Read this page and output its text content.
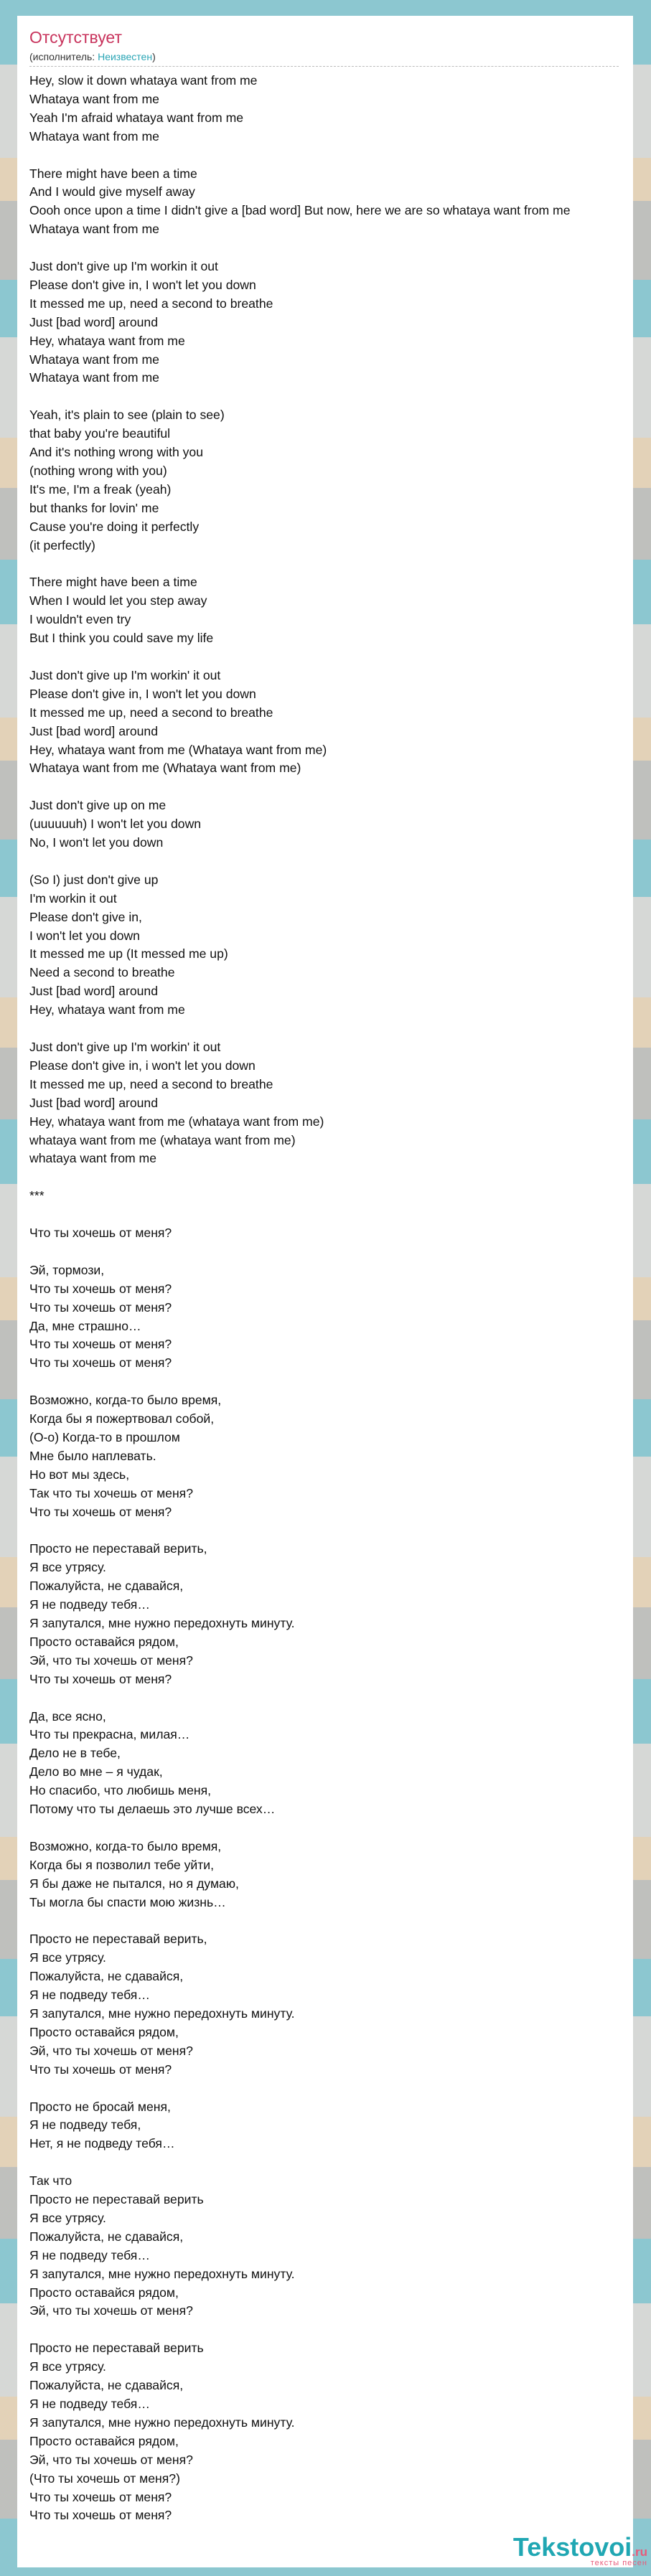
Отсутствует
(исполнитель: Неизвестен)
Hey, slow it down whataya want from me
Whataya want from me
Yeah I'm afraid whataya want from me
Whataya want from me
There might have been a time
And I would give myself away
Oooh once upon a time I didn't give a [bad word] But now, here we are so whataya want from me
Whataya want from me
Just don't give up I'm workin it out
Please don't give in, I won't let you down
It messed me up, need a second to breathe
Just [bad word] around
Hey, whataya want from me
Whataya want from me
Whataya want from me
Yeah, it's plain to see (plain to see)
that baby you're beautiful
And it's nothing wrong with you
(nothing wrong with you)
It's me, I'm a freak (yeah)
but thanks for lovin' me
Cause you're doing it perfectly
(it perfectly)
There might have been a time
When I would let you step away
I wouldn't even try
But I think you could save my life
Just don't give up I'm workin' it out
Please don't give in, I won't let you down
It messed me up, need a second to breathe
Just [bad word] around
Hey, whataya want from me (Whataya want from me)
Whataya want from me (Whataya want from me)
Just don't give up on me
(uuuuuuh) I won't let you down
No, I won't let you down
(So I) just don't give up
I'm workin it out
Please don't give in,
I won't let you down
It messed me up (It messed me up)
Need a second to breathe
Just [bad word] around
Hey, whataya want from me
Just don't give up I'm workin' it out
Please don't give in, i won't let you down
It messed me up, need a second to breathe
Just [bad word] around
Hey, whataya want from me (whataya want from me)
whataya want from me (whataya want from me)
whataya want from me
***
Что ты хочешь от меня?
Эй, тормози,
Что ты хочешь от меня?
Что ты хочешь от меня?
Да, мне страшно…
Что ты хочешь от меня?
Что ты хочешь от меня?
Возможно, когда-то было время,
Когда бы я пожертвовал собой,
(О-о) Когда-то в прошлом
Мне было наплевать.
Но вот мы здесь,
Так что ты хочешь от меня?
Что ты хочешь от меня?
Просто не переставай верить,
Я все утрясу.
Пожалуйста, не сдавайся,
Я не подведу тебя…
Я запутался, мне нужно передохнуть минуту.
Просто оставайся рядом,
Эй, что ты хочешь от меня?
Что ты хочешь от меня?
Да, все ясно,
Что ты прекрасна, милая…
Дело не в тебе,
Дело во мне – я чудак,
Но спасибо, что любишь меня,
Потому что ты делаешь это лучше всех…
Возможно, когда-то было время,
Когда бы я позволил тебе уйти,
Я бы даже не пытался, но я думаю,
Ты могла бы спасти мою жизнь…
Просто не переставай верить,
Я все утрясу.
Пожалуйста, не сдавайся,
Я не подведу тебя…
Я запутался, мне нужно передохнуть минуту.
Просто оставайся рядом,
Эй, что ты хочешь от меня?
Что ты хочешь от меня?
Просто не бросай меня,
Я не подведу тебя,
Нет, я не подведу тебя…
Так что
Просто не переставай верить
Я все утрясу.
Пожалуйста, не сдавайся,
Я не подведу тебя…
Я запутался, мне нужно передохнуть минуту.
Просто оставайся рядом,
Эй, что ты хочешь от меня?
Просто не переставай верить
Я все утрясу.
Пожалуйста, не сдавайся,
Я не подведу тебя…
Я запутался, мне нужно передохнуть минуту.
Просто оставайся рядом,
Эй, что ты хочешь от меня?
(Что ты хочешь от меня?)
Что ты хочешь от меня?
Что ты хочешь от меня?
Tekstovoi.ru
тексты песен
